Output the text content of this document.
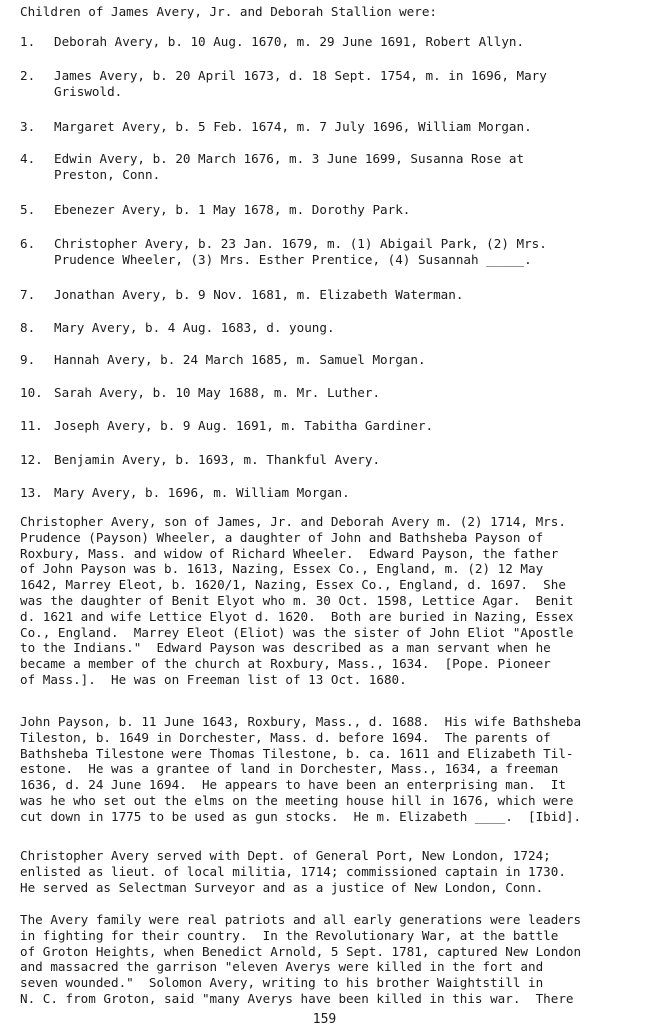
Children of James Avery, Jr. and Deborah Stallion were:
1.	Deborah Avery, b. 10 Aug. 1670, m. 29 June 1691, Robert Allyn.
2.	James Avery, b. 20 April 1673, d. 18 Sept. 1754, m. in 1696, Mary
Griswold.
3.	Margaret Avery, b. 5 Feb. 1674, m. 7 July 1696, William Morgan.
4.	Edwin Avery, b. 20 March 1676, m. 3 June 1699, Susanna Rose at
Preston, Conn.
5.	Ebenezer Avery, b. 1 May 1678, m. Dorothy Park.
6.	Christopher Avery, b. 23 Jan. 1679, m. (1) Abigail Park, (2) Mrs.
Prudence Wheeler, (3) Mrs. Esther Prentice, (4) Susannah _____.
7.	Jonathan Avery, b. 9 Nov. 1681, m. Elizabeth Waterman.
8.	Mary Avery, b. 4 Aug. 1683, d. young.
9.	Hannah Avery, b. 24 March 1685, m. Samuel Morgan.
10. Sarah Avery, b. 10 May 1688, m. Mr. Luther.
11. Joseph Avery, b. 9 Aug. 1691, m. Tabitha Gardiner.
12. Benjamin Avery, b. 1693, m. Thankful Avery.
13. Mary Avery, b. 1696, m. William Morgan.

Christopher Avery, son of James, Jr. and Deborah Avery m. (2) 1714, Mrs.
Prudence (Payson) Wheeler, a daughter of John and Bathsheba Payson of
Roxbury, Mass. and widow of Richard Wheeler.  Edward Payson, the father
of John Payson was b. 1613, Nazing, Essex Co., England, m. (2) 12 May
1642, Marrey Eleot, b. 1620/1, Nazing, Essex Co., England, d. 1697.  She
was the daughter of Benit Elyot who m. 30 Oct. 1598, Lettice Agar.  Benit
d. 1621 and wife Lettice Elyot d. 1620.  Both are buried in Nazing, Essex
Co., England.  Marrey Eleot (Eliot) was the sister of John Eliot "Apostle
to the Indians."  Edward Payson was described as a man servant when he
became a member of the church at Roxbury, Mass., 1634.  [Pope. Pioneer
of Mass.].  He was on Freeman list of 13 Oct. 1680.

John Payson, b. 11 June 1643, Roxbury, Mass., d. 1688.  His wife Bathsheba
Tileston, b. 1649 in Dorchester, Mass. d. before 1694.  The parents of
Bathsheba Tilestone were Thomas Tilestone, b. ca. 1611 and Elizabeth Til-
estone.  He was a grantee of land in Dorchester, Mass., 1634, a freeman
1636, d. 24 June 1694.  He appears to have been an enterprising man.  It
was he who set out the elms on the meeting house hill in 1676, which were
cut down in 1775 to be used as gun stocks.  He m. Elizabeth ____.  [Ibid].

Christopher Avery served with Dept. of General Port, New London, 1724;
enlisted as lieut. of local militia, 1714; commissioned captain in 1730.
He served as Selectman Surveyor and as a justice of New London, Conn.

The Avery family were real patriots and all early generations were leaders
in fighting for their country.  In the Revolutionary War, at the battle
of Groton Heights, when Benedict Arnold, 5 Sept. 1781, captured New London
and massacred the garrison "eleven Averys were killed in the fort and
seven wounded."  Solomon Avery, writing to his brother Waightstill in
N. C. from Groton, said "many Averys have been killed in this war.  There

159
